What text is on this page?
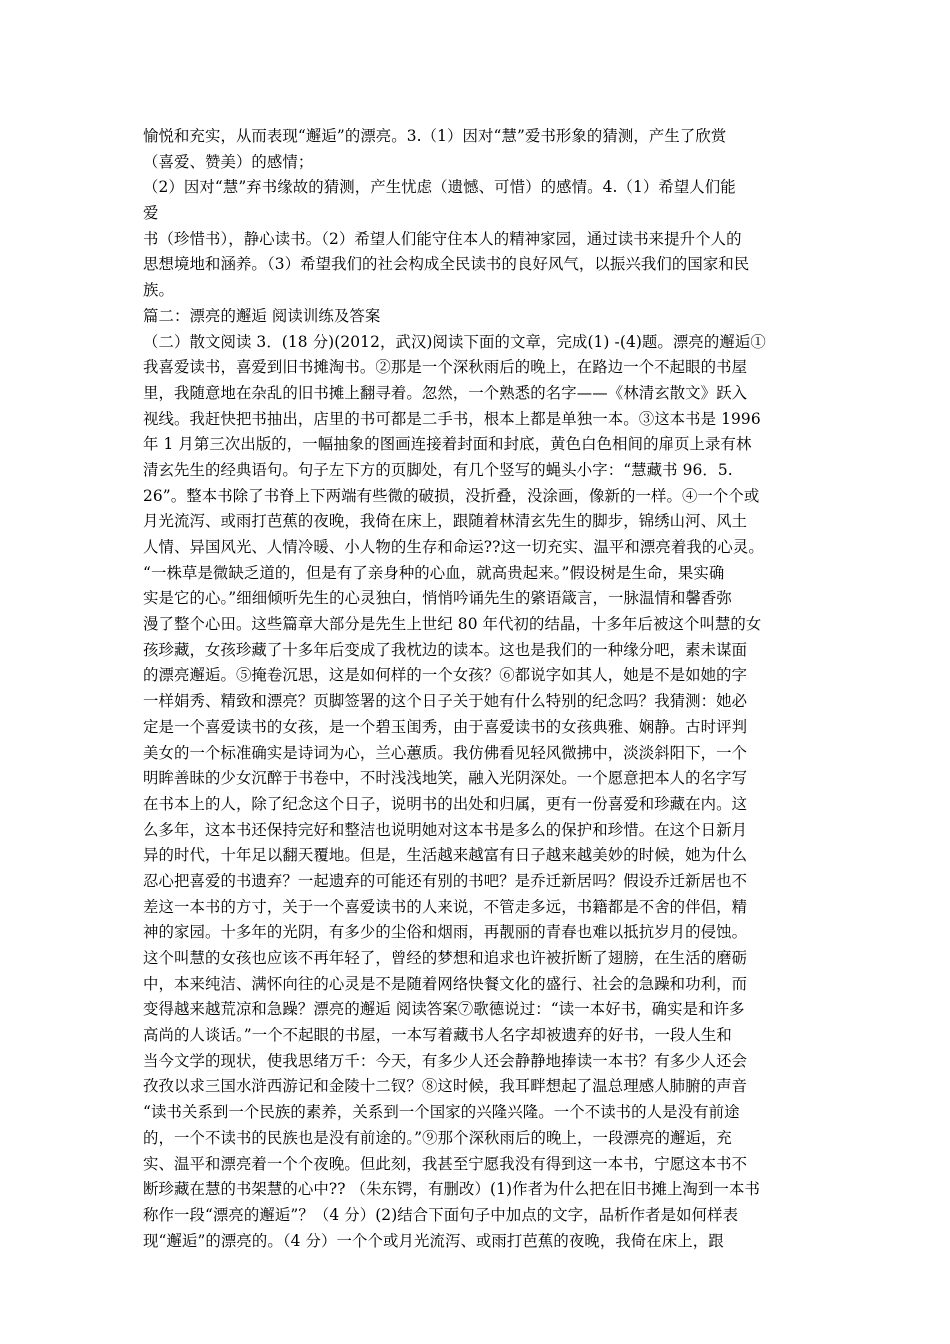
愉悦和充实，从而表现“邂逅”的漂亮。3.（1）因对“慧”爱书形象的猜测，产生了欣赏
（喜爱、赞美）的感情；
（2）因对“慧”弃书缘故的猜测，产生忧虑（遗憾、可惜）的感情。4.（1）希望人们能
爱
书（珍惜书），静心读书。（2）希望人们能守住本人的精神家园，通过读书来提升个人的
思想境地和涵养。（3）希望我们的社会构成全民读书的良好风气，以振兴我们的国家和民
族。
篇二：漂亮的邂逅 阅读训练及答案
（二）散文阅读 3．(18 分)(2012，武汉)阅读下面的文章，完成(1) -(4)题。漂亮的邂逅①
我喜爱读书，喜爱到旧书摊淘书。②那是一个深秋雨后的晚上，在路边一个不起眼的书屋
里，我随意地在杂乱的旧书摊上翻寻着。忽然，一个熟悉的名字——《林清玄散文》跃入
视线。我赶快把书抽出，店里的书可都是二手书，根本上都是单独一本。③这本书是 1996
年 1 月第三次出版的，一幅抽象的图画连接着封面和封底，黄色白色相间的扉页上录有林
清玄先生的经典语句。句子左下方的页脚处，有几个竖写的蝇头小字：“慧藏书 96．5.
26”。整本书除了书脊上下两端有些微的破损，没折叠，没涂画，像新的一样。④一个个或
月光流泻、或雨打芭蕉的夜晚，我倚在床上，跟随着林清玄先生的脚步，锦绣山河、风土
人情、异国风光、人情冷暖、小人物的生存和命运??这一切充实、温平和漂亮着我的心灵。
“一株草是微缺乏道的，但是有了亲身种的心血，就高贵起来。”假设树是生命，果实确
实是它的心。”细细倾听先生的心灵独白，悄悄吟诵先生的綮语箴言，一脉温情和馨香弥
漫了整个心田。这些篇章大部分是先生上世纪 80 年代初的结晶，十多年后被这个叫慧的女
孩珍藏，女孩珍藏了十多年后变成了我枕边的读本。这也是我们的一种缘分吧，素未谋面
的漂亮邂逅。⑤掩卷沉思，这是如何样的一个女孩？⑥都说字如其人，她是不是如她的字
一样娟秀、精致和漂亮？页脚签署的这个日子关于她有什么特别的纪念吗？我猜测：她必
定是一个喜爱读书的女孩，是一个碧玉闺秀，由于喜爱读书的女孩典雅、娴静。古时评判
美女的一个标准确实是诗词为心，兰心蕙质。我仿佛看见轻风微拂中，淡淡斜阳下，一个
明眸善昧的少女沉醉于书卷中，不时浅浅地笑，融入光阴深处。一个愿意把本人的名字写
在书本上的人，除了纪念这个日子，说明书的出处和归属，更有一份喜爱和珍藏在内。这
么多年，这本书还保持完好和整洁也说明她对这本书是多么的保护和珍惜。在这个日新月
异的时代，十年足以翻天覆地。但是，生活越来越富有日子越来越美妙的时候，她为什么
忍心把喜爱的书遗弃？一起遗弃的可能还有别的书吧？是乔迁新居吗？假设乔迁新居也不
差这一本书的方寸，关于一个喜爱读书的人来说，不管走多远，书籍都是不舍的伴侣，精
神的家园。十多年的光阴，有多少的尘俗和烟雨，再靓丽的青春也难以抵抗岁月的侵蚀。
这个叫慧的女孩也应该不再年轻了，曾经的梦想和追求也许被折断了翅膀，在生活的磨砺
中，本来纯洁、满怀向往的心灵是不是随着网络快餐文化的盛行、社会的急躁和功利，而
变得越来越荒凉和急躁？漂亮的邂逅 阅读答案⑦歌德说过：“读一本好书，确实是和许多
高尚的人谈话。”一个不起眼的书屋，一本写着藏书人名字却被遗弃的好书，一段人生和
当今文学的现状，使我思绪万千：今天，有多少人还会静静地捧读一本书？有多少人还会
孜孜以求三国水浒西游记和金陵十二钗？⑧这时候，我耳畔想起了温总理感人肺腑的声音
“读书关系到一个民族的素养，关系到一个国家的兴隆兴隆。一个不读书的人是没有前途
的，一个不读书的民族也是没有前途的。”⑨那个深秋雨后的晚上，一段漂亮的邂逅，充
实、温平和漂亮着一个个夜晚。但此刻，我甚至宁愿我没有得到这一本书，宁愿这本书不
断珍藏在慧的书架慧的心中?? （朱东锷，有删改）(1)作者为什么把在旧书摊上淘到一本书
称作一段“漂亮的邂逅”？（4 分）(2)结合下面句子中加点的文字，品析作者是如何样表
现“邂逅”的漂亮的。（4 分）一个个或月光流泻、或雨打芭蕉的夜晚，我倚在床上，跟
